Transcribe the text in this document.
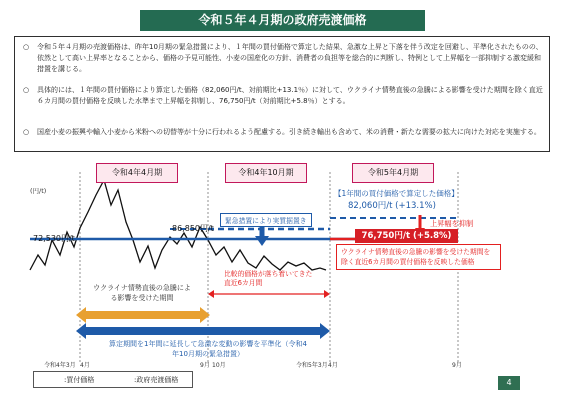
令和５年４月期の政府売渡価格
○	令和５年４月期の売渡価格は、昨年10月期の緊急措置により、１年間の買付価格で算定した結果、急激な上昇と下落を伴う改定を回避し、平準化されたものの、依然として高い上昇率となることから、価格の予見可能性、小麦の国産化の方針、消費者の負担等を総合的に判断し、特例として上昇幅を一部抑制する激変緩和措置を講じる。
○	具体的には、１年間の買付価格により算定した価格（82,060円/t、対前期比+13.1％）に対して、ウクライナ情勢直後の急騰による影響を受けた期間を除く直近６カ月間の買付価格を反映した水準まで上昇幅を抑制し、76,750円/t（対前期比+5.8％）とする。
○	国産小麦の振興や輸入小麦から米粉への切替等が十分に行われるよう配慮する。引き続き輸出も含めて、米の消費・新たな需要の拡大に向けた対応を実施する。
(円/t)
令和4年4月期	令和4年10月期	令和5年4月期
72,530円/t
86,850円/t
緊急措置により実質据置き
【1年間の買付価格で算定した価格】
82,060円/t (+13.1%)
上昇幅を抑制
76,750円/t (+5.8%)
ウクライナ情勢直後の急騰の影響を受けた期間を除く直近6カ月間の買付価格を反映した価格
ウクライナ情勢直後の急騰による影響を受けた期間
比較的価格が落ち着いてきた直近6カ月間
算定期間を1年間に延長して急激な変動の影響を平準化（令和4年10月期の緊急措置）
令和4年3月 4月	9月 10月	令和5年3月 4月	9月
:買付価格	:政府売渡価格	4
